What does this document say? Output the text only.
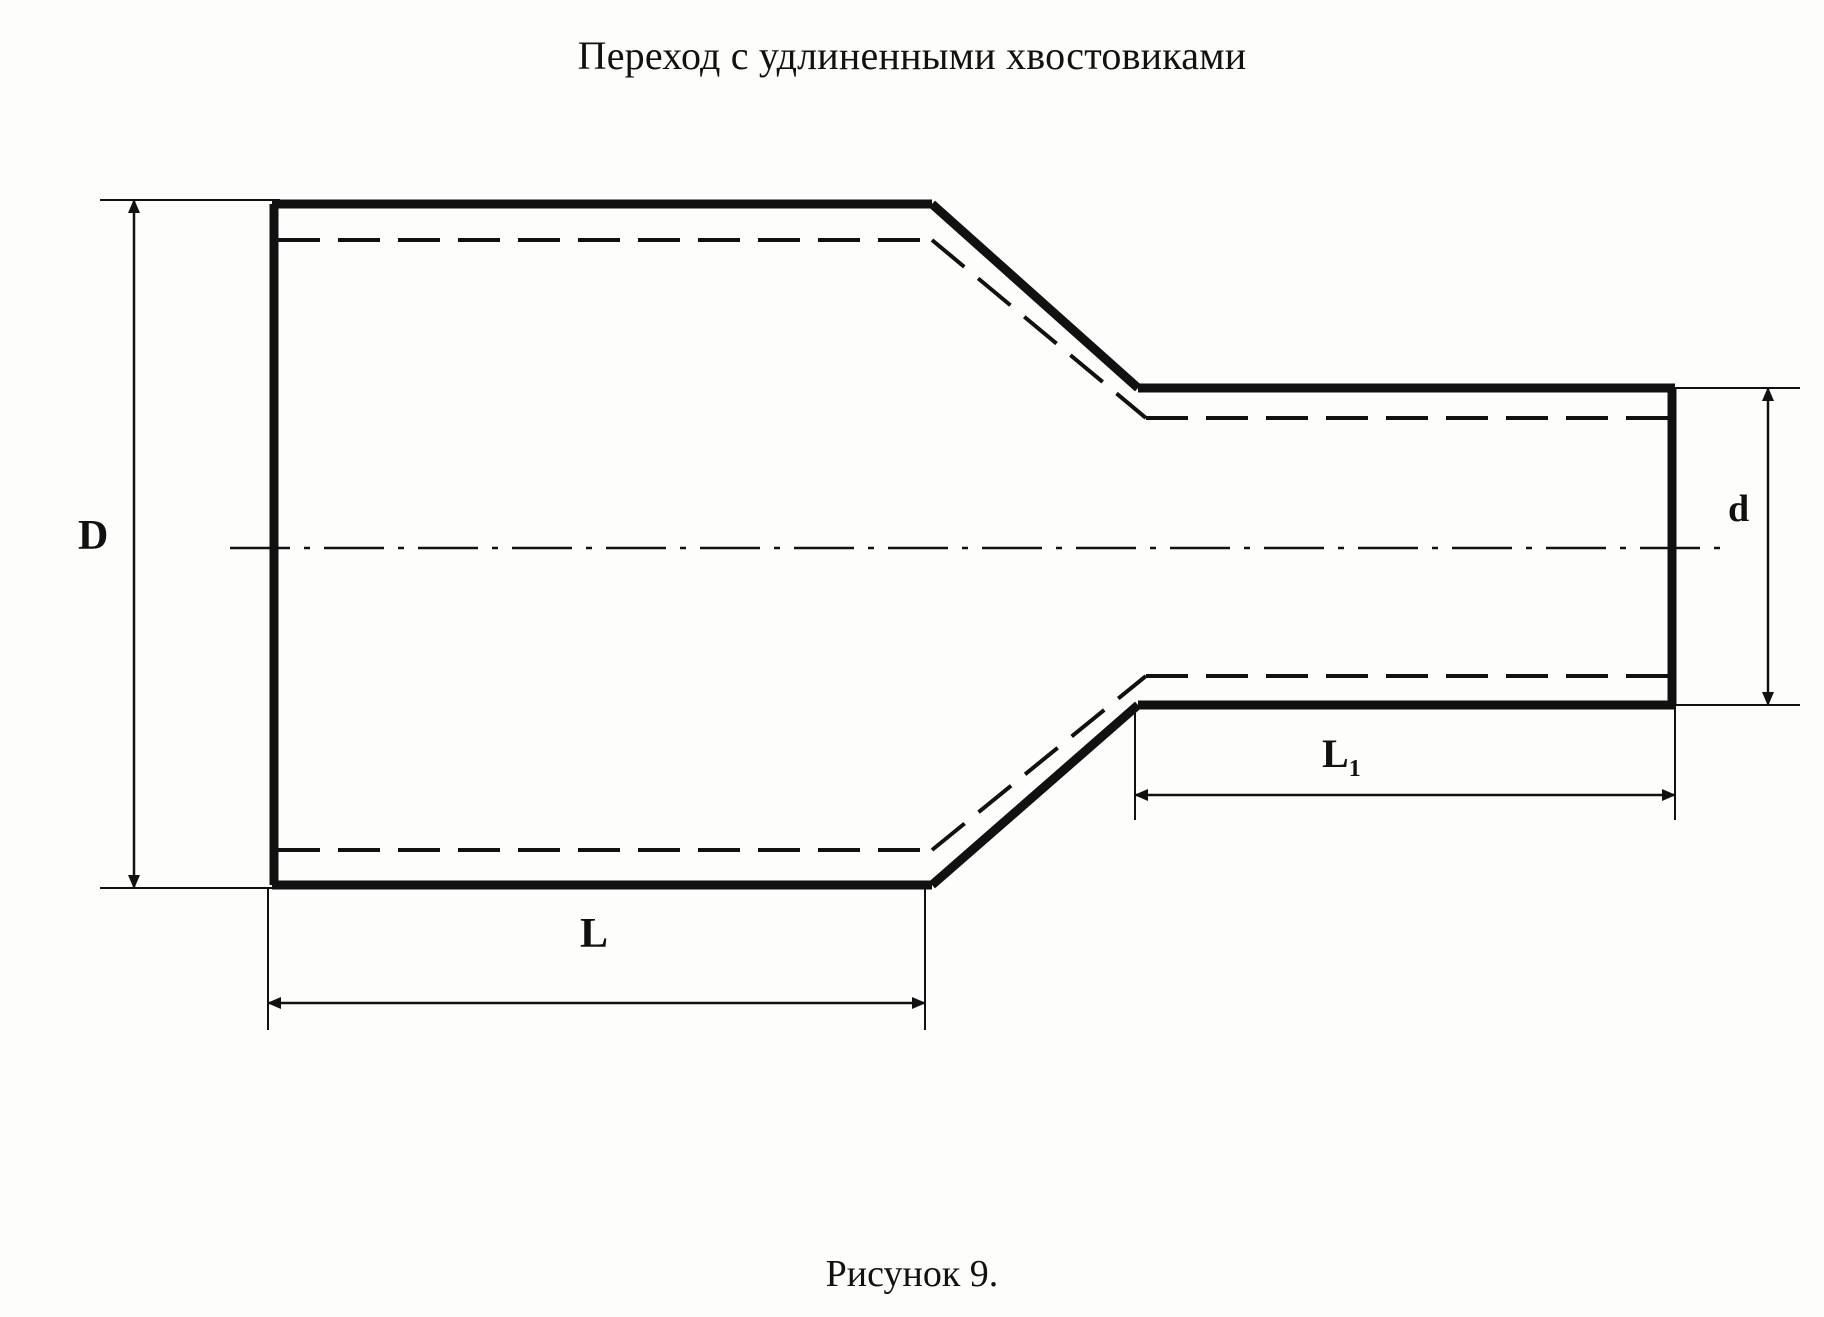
Переход с удлиненными хвостовиками
D
d
L
$L_1$
Рисунок 9.
